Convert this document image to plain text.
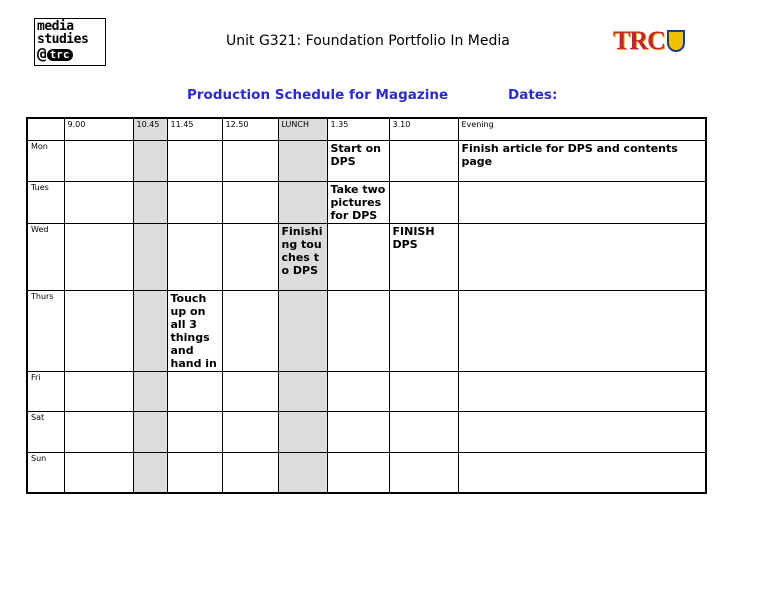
media
studies
@ trc
Unit G321: Foundation Portfolio In Media	TRC
Production Schedule for Magazine	Dates:
	9.00	10.45	11.45	12.50	LUNCH	1.35	3.10	Evening
Mon						Start on DPS		Finish article for DPS and contents page
Tues						Take two pictures for DPS		
Wed					Finishing touches to DPS		FINISH DPS	
Thurs			Touch up on all 3 things and hand in					
Fri								
Sat								
Sun								
